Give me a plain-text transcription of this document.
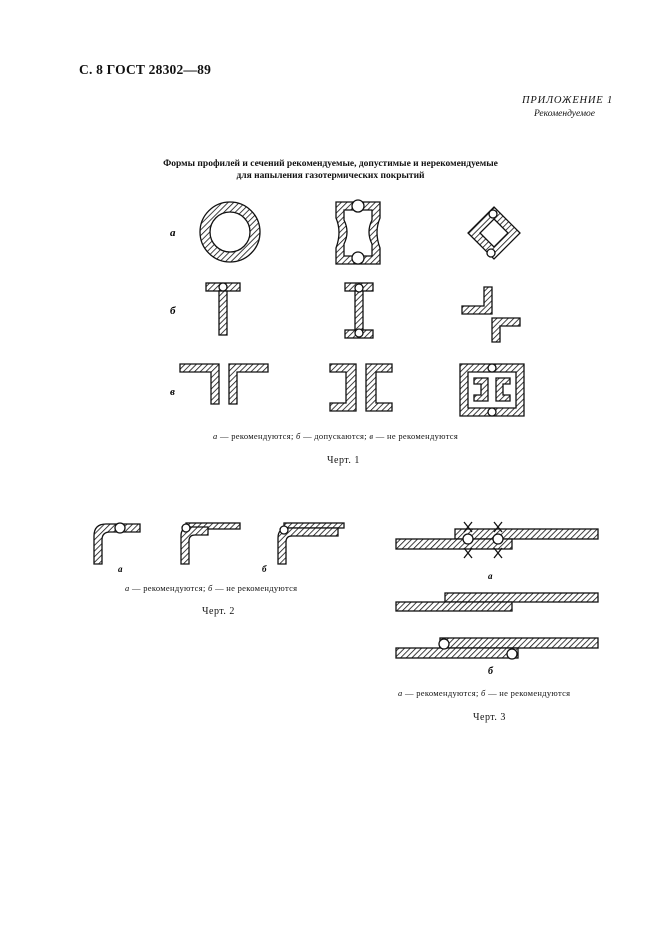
С. 8 ГОСТ 28302—89
ПРИЛОЖЕНИЕ 1
Рекомендуемое
Формы профилей и сечений рекомендуемые, допустимые и нерекомендуемые
для напыления газотермических покрытий
а
б
в
а	б
а
б
а — рекомендуются; б — допускаются; в — не рекомендуются
Черт. 1
а — рекомендуются; б — не рекомендуются
Черт. 2
а — рекомендуются; б — не рекомендуются
Черт. 3
